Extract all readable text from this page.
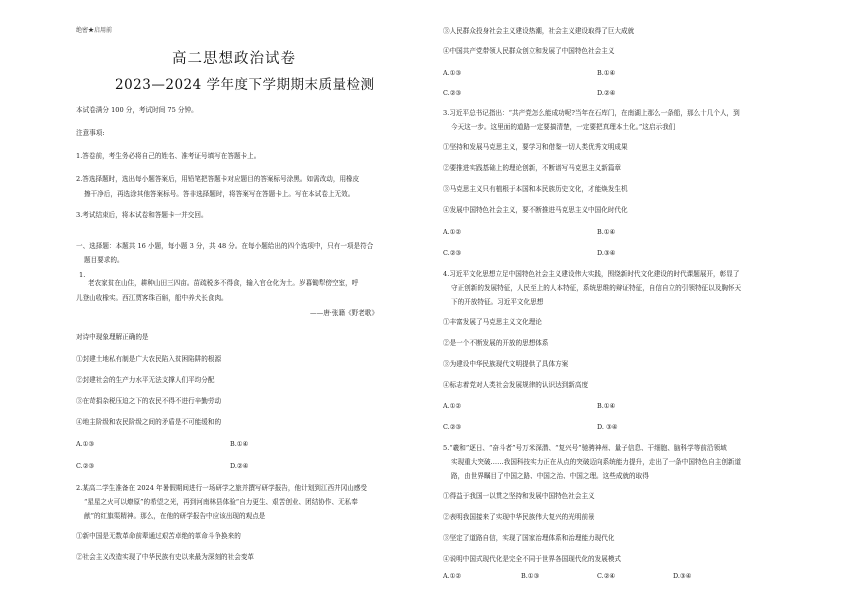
绝密★启用前
高二思想政治试卷
2023—2024 学年度下学期期末质量检测
本试卷满分 100 分，考试时间 75 分钟。
注意事项:
1.答卷前，考生务必将自己的姓名、准考证号填写在答题卡上。
2.答选择题时，选出每小题答案后，用铅笔把答题卡对应题目的答案标号涂黑。如需改动，用橡皮
擦干净后，再选涂其他答案标号。答非选择题时，将答案写在答题卡上。写在本试卷上无效。
3.考试结束后，将本试卷和答题卡一并交回。
一、选择题：本题共 16 小题，每小题 3 分，共 48 分。在每小题给出的四个选项中，只有一项是符合
题目要求的。
1.
老农家贫在山住，耕种山田三四亩。苗疏税多不得食，输入官仓化为土。岁暮锄犁傍空室，呼
儿登山收橡实。西江贾客珠百斛，船中养犬长食肉。
——唐·张籍《野老歌》
对诗中现象理解正确的是
①封建土地私有制是广大农民陷入贫困陷阱的根源
②封建社会的生产力水平无法支撑人们平均分配
③在苛捐杂税压迫之下的农民不得不进行辛勤劳动
④地主阶级和农民阶级之间的矛盾是不可能缓和的
A.①③	B.①④
C.②③	D.②④
2.某高二学生准备在 2024 年暑假期间进行一场研学之旅并撰写研学报告，他计划到江西井冈山感受
“星星之火可以燎原”的希望之光，再到河南林县体验“自力更生、艰苦创业、团结协作、无私奉
献”的红旗渠精神。那么，在他的研学报告中应该出现的观点是
①新中国是无数革命前辈通过艰苦卓绝的革命斗争换来的
②社会主义改造实现了中华民族有史以来最为深刻的社会变革
③人民群众投身社会主义建设热潮，社会主义建设取得了巨大成就
④中国共产党带领人民群众创立和发展了中国特色社会主义
A.①③	B.①④
C.②③	D.②④
3.习近平总书记指出：“共产党怎么能成功呢?当年在石库门，在南湖上那么一条船，那么十几个人，到
今天这一步。这里面的道路一定要搞清楚，一定要把真理本土化。”这启示我们
①坚持和发展马克思主义，要学习和借鉴一切人类优秀文明成果
②要推进实践基础上的理论创新，不断谱写马克思主义新篇章
③马克思主义只有植根于本国和本民族历史文化，才能焕发生机
④发展中国特色社会主义，要不断推进马克思主义中国化时代化
A.①②	B.①④
C.②③	D.③④
4.习近平文化思想立足中国特色社会主义建设伟大实践，围绕新时代文化建设的时代课题展开，彰显了
守正创新的发展特征，人民至上的人本特征，系统思维的辩证特征，自信自立的引领特征以及胸怀天
下的开放特征。习近平文化思想
①丰富发展了马克思主义文化理论
②是一个不断发展的开放的思想体系
③为建设中华民族现代文明提供了具体方案
④标志着党对人类社会发展规律的认识达到新高度
A.①②	B.①④
C.②③	D. ③④
5.“羲和”逐日、“奋斗者”号万米深潜、“复兴号”驰骋神州、量子信息、干细胞、脑科学等前沿领域
实现重大突破……我国科技实力正在从点的突破迈向系统能力提升，走出了一条中国特色自主创新道
路，由世界瞩目了中国之路、中国之治、中国之理。这些成就的取得
①得益于我国一以贯之坚持和发展中国特色社会主义
②表明我国接来了实现中华民族伟大复兴的光明前景
③坚定了道路自信，实现了国家治理体系和治理能力现代化
④说明中国式现代化是完全不同于世界各国现代化的发展模式
A.①②	B.①③	C.②④	D.③④
